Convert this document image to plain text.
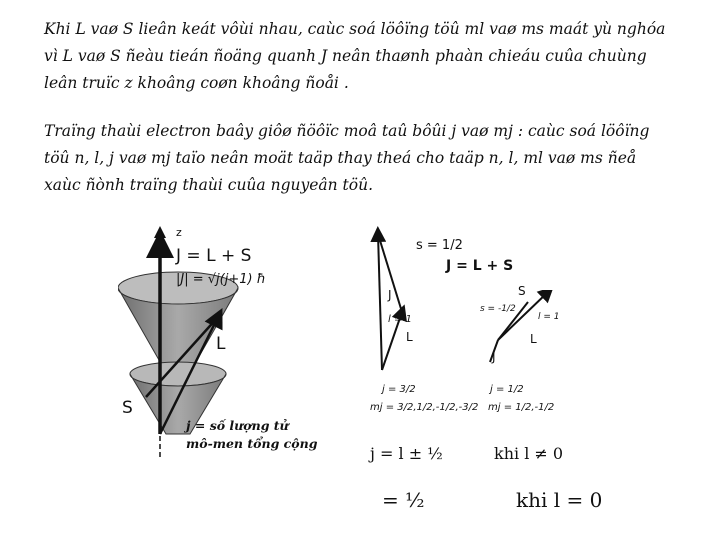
Khi L vaø S lieân keát vôùi nhau, caùc soá löôïng töû ml vaø ms maát yù nghóa vì L vaø S ñeàu tieán ñoäng quanh J neân thaønh phaàn chieáu cuûa chuùng leân truïc z khoâng coøn khoâng ñoåi .
Traïng thaùi electron baây giôø ñöôïc moâ taû bôûi j vaø mj : caùc soá löôïng töû n, l, j vaø mj taïo neân moät taäp thay theá cho taäp n, l, ml vaø ms ñeå xaùc ñònh traïng thaùi cuûa nguyeân töû.
z
J = L + S
|J| = √j(j+1) ħ
L
S
j = số lượng tử
mô-men tổng cộng
s = 1/2
J = L + S
J
l = 1
L
j = 3/2
mj = 3/2,1/2,-1/2,-3/2
s = -1/2
S
l = 1
L
J
j = 1/2
mj = 1/2,-1/2
j = l ± ½	khi l ≠ 0
= ½	khi l = 0
